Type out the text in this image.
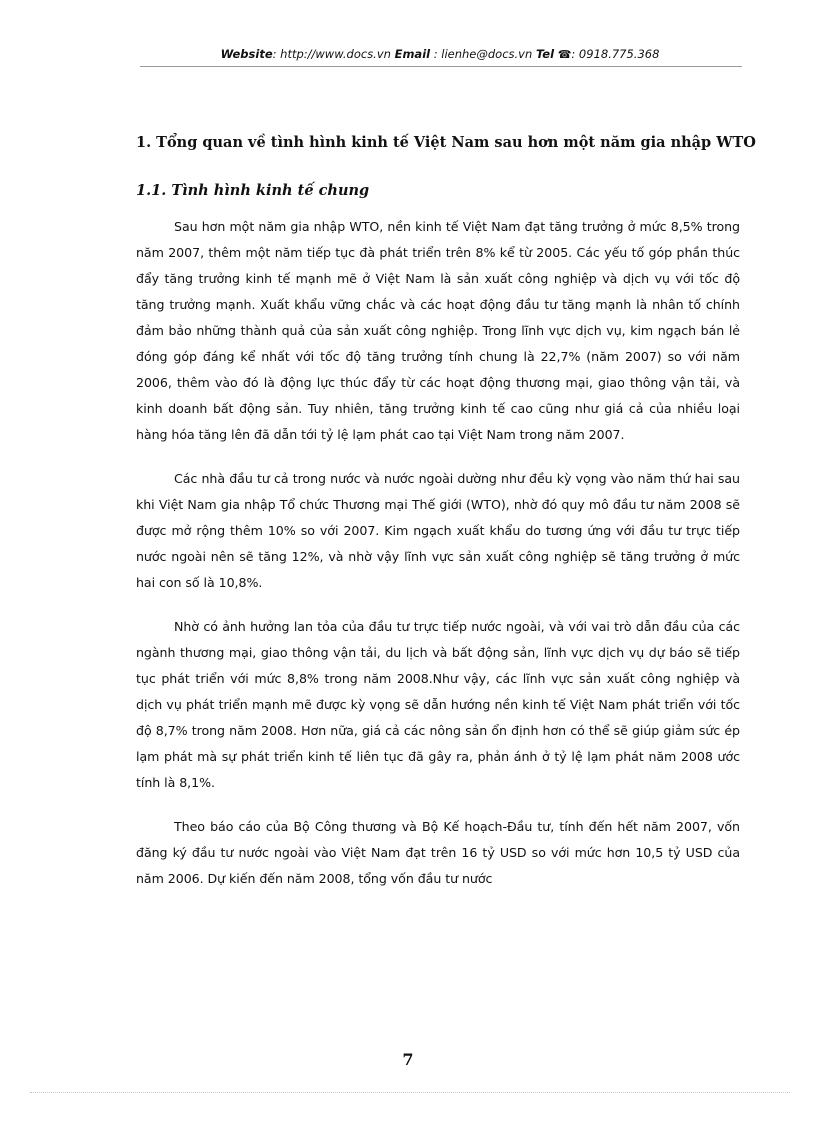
Website: http://www.docs.vn Email : lienhe@docs.vn Tel ☎: 0918.775.368
1. Tổng quan về tình hình kinh tế Việt Nam sau hơn một năm gia nhập WTO
1.1. Tình hình kinh tế chung

Sau hơn một năm gia nhập WTO, nền kinh tế Việt Nam đạt tăng trưởng ở mức 8,5% trong năm 2007, thêm một năm tiếp tục đà phát triển trên 8% kể từ 2005. Các yếu tố góp phần thúc đẩy tăng trưởng kinh tế mạnh mẽ ở Việt Nam là sản xuất công nghiệp và dịch vụ với tốc độ tăng trưởng mạnh. Xuất khẩu vững chắc và các hoạt động đầu tư tăng mạnh là nhân tố chính đảm bảo những thành quả của sản xuất công nghiệp. Trong lĩnh vực dịch vụ, kim ngạch bán lẻ đóng góp đáng kể nhất với tốc độ tăng trưởng tính chung là 22,7% (năm 2007) so với năm 2006, thêm vào đó là động lực thúc đẩy từ các hoạt động thương mại, giao thông vận tải, và kinh doanh bất động sản. Tuy nhiên, tăng trưởng kinh tế cao cũng như giá cả của nhiều loại hàng hóa tăng lên đã dẫn tới tỷ lệ lạm phát cao tại Việt Nam trong năm 2007.

Các nhà đầu tư cả trong nước và nước ngoài dường như đều kỳ vọng vào năm thứ hai sau khi Việt Nam gia nhập Tổ chức Thương mại Thế giới (WTO), nhờ đó quy mô đầu tư năm 2008 sẽ được mở rộng thêm 10% so với 2007. Kim ngạch xuất khẩu do tương ứng với đầu tư trực tiếp nước ngoài nên sẽ tăng 12%, và nhờ vậy lĩnh vực sản xuất công nghiệp sẽ tăng trưởng ở mức hai con số là 10,8%.

Nhờ có ảnh hưởng lan tỏa của đầu tư trực tiếp nước ngoài, và với vai trò dẫn đầu của các ngành thương mại, giao thông vận tải, du lịch và bất động sản, lĩnh vực dịch vụ dự báo sẽ tiếp tục phát triển với mức 8,8% trong năm 2008.Như vậy, các lĩnh vực sản xuất công nghiệp và dịch vụ phát triển mạnh mẽ được kỳ vọng sẽ dẫn hướng nền kinh tế Việt Nam phát triển với tốc độ 8,7% trong năm 2008. Hơn nữa, giá cả các nông sản ổn định hơn có thể sẽ giúp giảm sức ép lạm phát mà sự phát triển kinh tế liên tục đã gây ra, phản ánh ở tỷ lệ lạm phát năm 2008 ước tính là 8,1%.

Theo báo cáo của Bộ Công thương và Bộ Kế hoạch-Đầu tư, tính đến hết năm 2007, vốn đăng ký đầu tư nước ngoài vào Việt Nam đạt trên 16 tỷ USD so với mức hơn 10,5 tỷ USD của năm 2006. Dự kiến đến năm 2008, tổng vốn đầu tư nước

7
